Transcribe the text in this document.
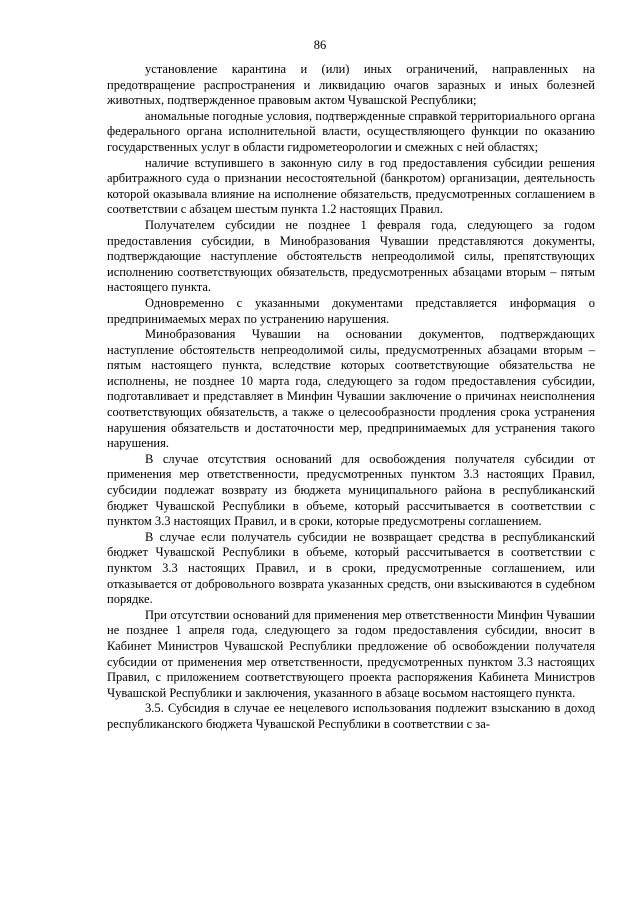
86

установление карантина и (или) иных ограничений, направленных на предотвращение распространения и ликвидацию очагов заразных и иных болезней животных, подтвержденное правовым актом Чувашской Республики;

аномальные погодные условия, подтвержденные справкой территориального органа федерального органа исполнительной власти, осуществляющего функции по оказанию государственных услуг в области гидрометеорологии и смежных с ней областях;

наличие вступившего в законную силу в год предоставления субсидии решения арбитражного суда о признании несостоятельной (банкротом) организации, деятельность которой оказывала влияние на исполнение обязательств, предусмотренных соглашением в соответствии с абзацем шестым пункта 1.2 настоящих Правил.

Получателем субсидии не позднее 1 февраля года, следующего за годом предоставления субсидии, в Минобразования Чувашии представляются документы, подтверждающие наступление обстоятельств непреодолимой силы, препятствующих исполнению соответствующих обязательств, предусмотренных абзацами вторым – пятым настоящего пункта.

Одновременно с указанными документами представляется информация о предпринимаемых мерах по устранению нарушения.

Минобразования Чувашии на основании документов, подтверждающих наступление обстоятельств непреодолимой силы, предусмотренных абзацами вторым – пятым настоящего пункта, вследствие которых соответствующие обязательства не исполнены, не позднее 10 марта года, следующего за годом предоставления субсидии, подготавливает и представляет в Минфин Чувашии заключение о причинах неисполнения соответствующих обязательств, а также о целесообразности продления срока устранения нарушения обязательств и достаточности мер, предпринимаемых для устранения такого нарушения.

В случае отсутствия оснований для освобождения получателя субсидии от применения мер ответственности, предусмотренных пунктом 3.3 настоящих Правил, субсидии подлежат возврату из бюджета муниципального района в республиканский бюджет Чувашской Республики в объеме, который рассчитывается в соответствии с пунктом 3.3 настоящих Правил, и в сроки, которые предусмотрены соглашением.

В случае если получатель субсидии не возвращает средства в республиканский бюджет Чувашской Республики в объеме, который рассчитывается в соответствии с пунктом 3.3 настоящих Правил, и в сроки, предусмотренные соглашением, или отказывается от добровольного возврата указанных средств, они взыскиваются в судебном порядке.

При отсутствии оснований для применения мер ответственности Минфин Чувашии не позднее 1 апреля года, следующего за годом предоставления субсидии, вносит в Кабинет Министров Чувашской Республики предложение об освобождении получателя субсидии от применения мер ответственности, предусмотренных пунктом 3.3 настоящих Правил, с приложением соответствующего проекта распоряжения Кабинета Министров Чувашской Республики и заключения, указанного в абзаце восьмом настоящего пункта.

3.5. Субсидия в случае ее нецелевого использования подлежит взысканию в доход республиканского бюджета Чувашской Республики в соответствии с за-
